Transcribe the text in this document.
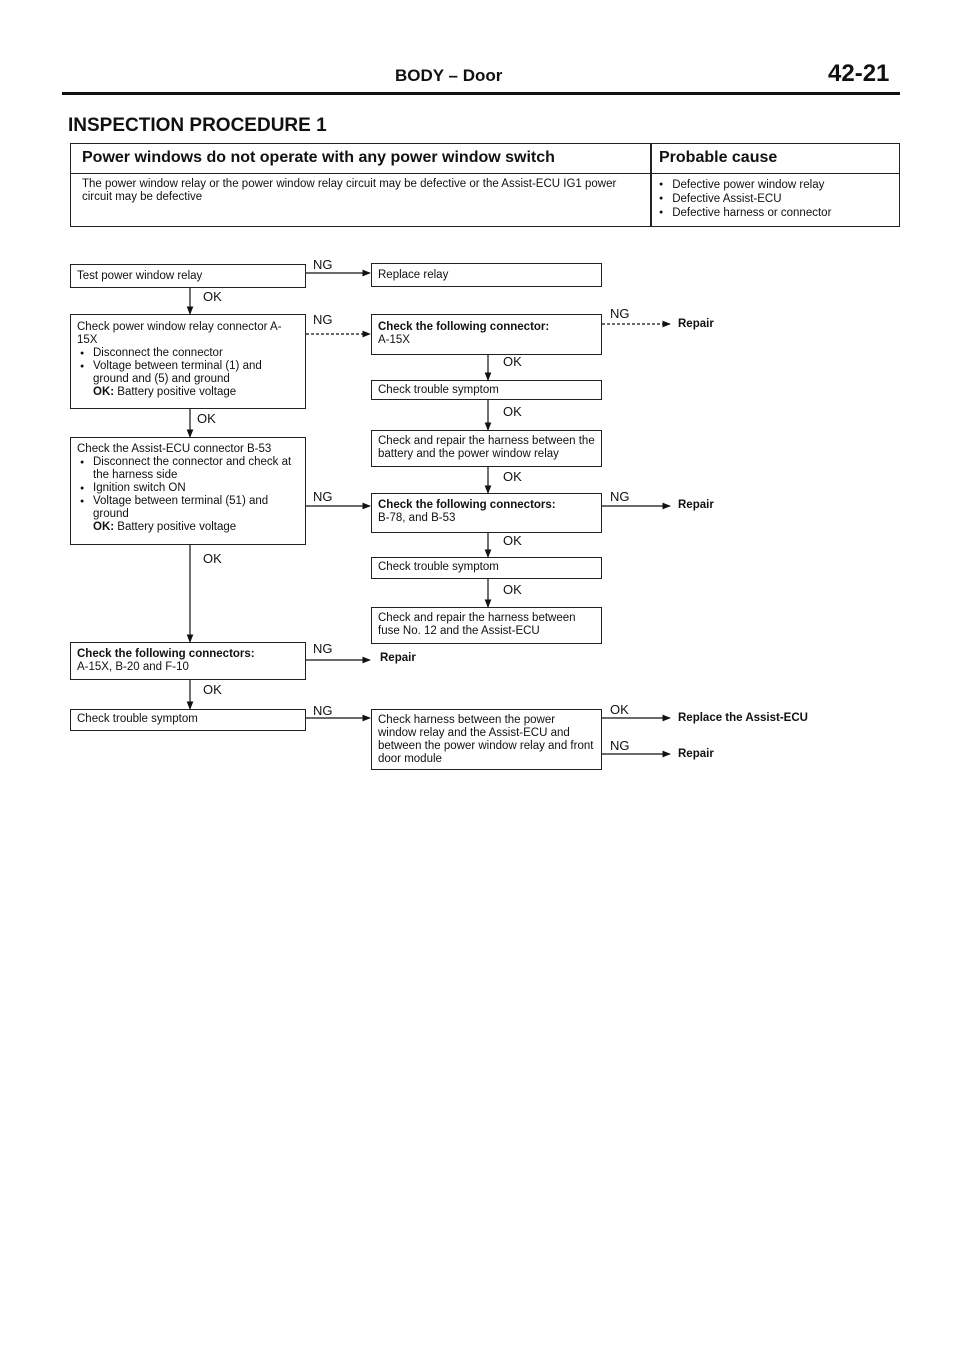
BODY – Door	42-21
INSPECTION PROCEDURE 1
Power windows do not operate with any power window switch	Probable cause
The power window relay or the power window relay circuit may be defective or the Assist-ECU IG1 power circuit may be defective
● Defective power window relay
● Defective Assist-ECU
● Defective harness or connector
Test power window relay
OK
Check power window relay connector A-15X
● Disconnect the connector
● Voltage between terminal (1) and ground and (5) and ground
OK: Battery positive voltage
OK
Check the Assist-ECU connector B-53
● Disconnect the connector and check at the harness side
● Ignition switch ON
● Voltage between terminal (51) and ground
OK: Battery positive voltage
OK
Check the following connectors:
A-15X, B-20 and F-10
OK
Check trouble symptom
NG
NG
NG
NG
NG
Replace relay
Check the following connector:
A-15X
OK
Check trouble symptom
OK
Check and repair the harness between the battery and the power window relay
OK
Check the following connectors:
B-78, and B-53
OK
Check trouble symptom
OK
Check and repair the harness between fuse No. 12 and the Assist-ECU
Repair
Check harness between the power window relay and the Assist-ECU and between the power window relay and front door module
NG
Repair
NG
Repair
OK
Replace the Assist-ECU
NG
Repair
